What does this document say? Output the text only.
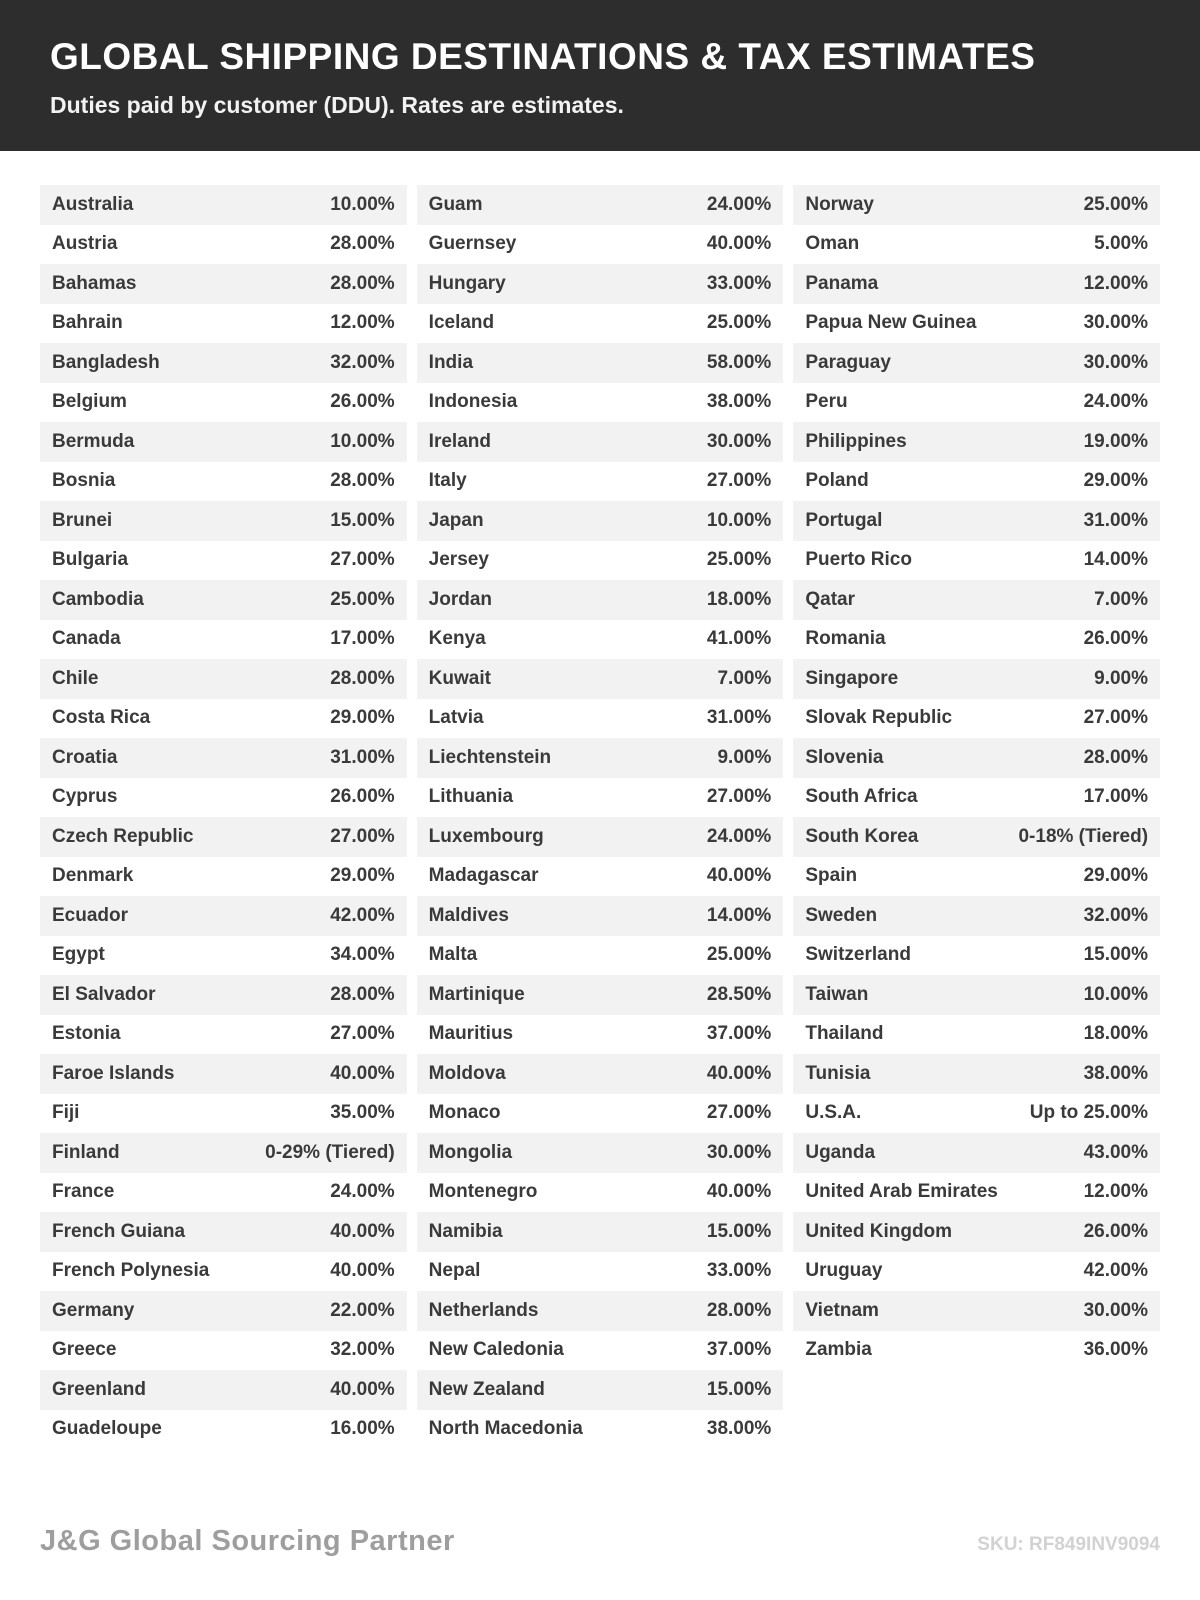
GLOBAL SHIPPING DESTINATIONS & TAX ESTIMATES

Duties paid by customer (DDU). Rates are estimates.

Australia	10.00%
Austria	28.00%
Bahamas	28.00%
Bahrain	12.00%
Bangladesh	32.00%
Belgium	26.00%
Bermuda	10.00%
Bosnia	28.00%
Brunei	15.00%
Bulgaria	27.00%
Cambodia	25.00%
Canada	17.00%
Chile	28.00%
Costa Rica	29.00%
Croatia	31.00%
Cyprus	26.00%
Czech Republic	27.00%
Denmark	29.00%
Ecuador	42.00%
Egypt	34.00%
El Salvador	28.00%
Estonia	27.00%
Faroe Islands	40.00%
Fiji	35.00%
Finland	0-29% (Tiered)
France	24.00%
French Guiana	40.00%
French Polynesia	40.00%
Germany	22.00%
Greece	32.00%
Greenland	40.00%
Guadeloupe	16.00%
Guam	24.00%
Guernsey	40.00%
Hungary	33.00%
Iceland	25.00%
India	58.00%
Indonesia	38.00%
Ireland	30.00%
Italy	27.00%
Japan	10.00%
Jersey	25.00%
Jordan	18.00%
Kenya	41.00%
Kuwait	7.00%
Latvia	31.00%
Liechtenstein	9.00%
Lithuania	27.00%
Luxembourg	24.00%
Madagascar	40.00%
Maldives	14.00%
Malta	25.00%
Martinique	28.50%
Mauritius	37.00%
Moldova	40.00%
Monaco	27.00%
Mongolia	30.00%
Montenegro	40.00%
Namibia	15.00%
Nepal	33.00%
Netherlands	28.00%
New Caledonia	37.00%
New Zealand	15.00%
North Macedonia	38.00%
Norway	25.00%
Oman	5.00%
Panama	12.00%
Papua New Guinea	30.00%
Paraguay	30.00%
Peru	24.00%
Philippines	19.00%
Poland	29.00%
Portugal	31.00%
Puerto Rico	14.00%
Qatar	7.00%
Romania	26.00%
Singapore	9.00%
Slovak Republic	27.00%
Slovenia	28.00%
South Africa	17.00%
South Korea	0-18% (Tiered)
Spain	29.00%
Sweden	32.00%
Switzerland	15.00%
Taiwan	10.00%
Thailand	18.00%
Tunisia	38.00%
U.S.A.	Up to 25.00%
Uganda	43.00%
United Arab Emirates	12.00%
United Kingdom	26.00%
Uruguay	42.00%
Vietnam	30.00%
Zambia	36.00%
J&G Global Sourcing Partner	SKU: RF849INV9094
